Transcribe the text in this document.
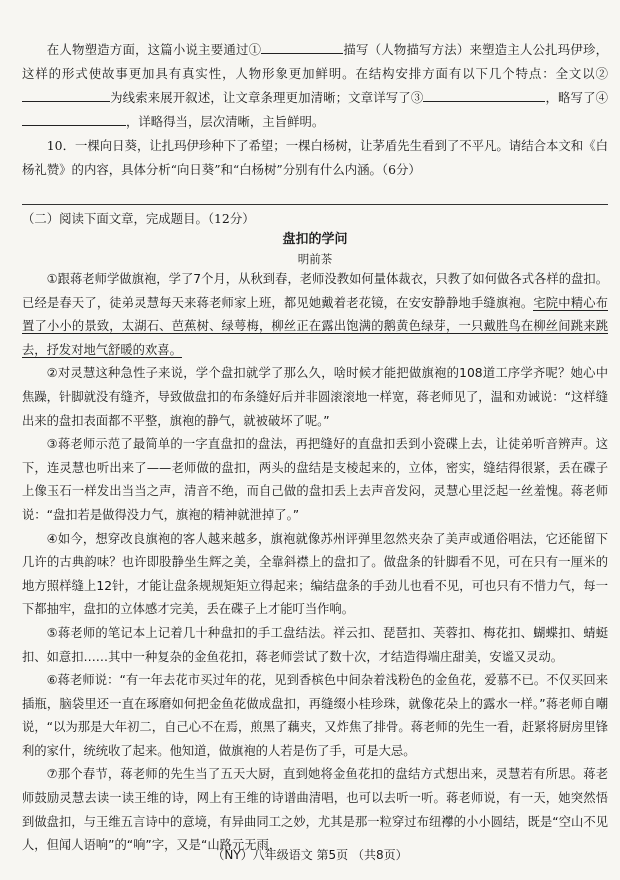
在人物塑造方面，这篇小说主要通过①	描写（人物描写方法）来塑造主人公扎玛伊珍，这样的形式使故事更加具有真实性，人物形象更加鲜明。在结构安排方面有以下几个特点：全文以②为线索来展开叙述，让文章条理更加清晰；文章详写了③	，略写了④，详略得当，层次清晰，主旨鲜明。

10．一棵向日葵，让扎玛伊珍种下了希望；一棵白杨树，让茅盾先生看到了不平凡。请结合本文和《白杨礼赞》的内容，具体分析“向日葵”和“白杨树”分别有什么内涵。（6分）

（二）阅读下面文章，完成题目。（12分）

盘扣的学问
明前茶

①跟蒋老师学做旗袍，学了7个月，从秋到春，老师没教如何量体裁衣，只教了如何做各式各样的盘扣。已经是春天了，徒弟灵慧每天来蒋老师家上班，都见她戴着老花镜，在安安静静地手缝旗袍。宅院中精心布置了小小的景致，太湖石、芭蕉树、绿萼梅，柳丝正在露出饱满的鹅黄色绿芽，一只戴胜鸟在柳丝间跳来跳去，抒发对地气舒暖的欢喜。

②对灵慧这种急性子来说，学个盘扣就学了那么久，啥时候才能把做旗袍的108道工序学齐呢？她心中焦躁，针脚就没有缝齐，导致做盘扣的布条缝好后并非圆滚滚地一样宽，蒋老师见了，温和劝诫说：“这样缝出来的盘扣表面都不平整，旗袍的静气，就被破坏了呢。”

③蒋老师示范了最简单的一字直盘扣的盘法，再把缝好的直盘扣丢到小瓷碟上去，让徒弟听音辨声。这下，连灵慧也听出来了——老师做的盘扣，两头的盘结是支棱起来的，立体，密实，缝结得很紧，丢在碟子上像玉石一样发出当当之声，清音不绝，而自己做的盘扣丢上去声音发闷，灵慧心里泛起一丝羞愧。蒋老师说：“盘扣若是做得没力气，旗袍的精神就泄掉了。”

④如今，想穿改良旗袍的客人越来越多，旗袍就像苏州评弹里忽然夹杂了美声或通俗唱法，它还能留下几许的古典韵味？也许即股静坐生辉之美，全靠斜襟上的盘扣了。做盘条的针脚看不见，可在只有一厘米的地方照样缝上12针，才能让盘条规规矩矩立得起来；编结盘条的手劲儿也看不见，可也只有不惜力气，每一下都抽牢，盘扣的立体感才完美，丢在碟子上才能叮当作响。

⑤蒋老师的笔记本上记着几十种盘扣的手工盘结法。祥云扣、琵琶扣、芙蓉扣、梅花扣、蝴蝶扣、蜻蜓扣、如意扣……其中一种复杂的金鱼花扣，蒋老师尝试了数十次，才结造得端庄甜美，安谧又灵动。

⑥蒋老师说：“有一年去花市买过年的花，见到香槟色中间杂着浅粉色的金鱼花，爱慕不已。不仅买回来插瓶，脑袋里还一直在琢磨如何把金鱼花做成盘扣，再缝缀小桂珍珠，就像花朵上的露水一样。”蒋老师自嘲说，“以为那是大年初二，自己心不在焉，煎黑了藕夹，又炸焦了排骨。蒋老师的先生一看，赶紧将厨房里锋利的家什，统统收了起来。他知道，做旗袍的人若是伤了手，可是大忌。

⑦那个春节，蒋老师的先生当了五天大厨，直到她将金鱼花扣的盘结方式想出来，灵慧若有所思。蒋老师鼓励灵慧去读一读王维的诗，网上有王维的诗谱曲清唱，也可以去听一听。蒋老师说，有一天，她突然悟到做盘扣，与王维五言诗中的意境，有异曲同工之妙，尤其是那一粒穿过布纽襻的小小圆结，既是“空山不见人，但闻人语响”的“响”字，又是“山路元无雨，

（NY）八年级语文 第5页 （共8页）
